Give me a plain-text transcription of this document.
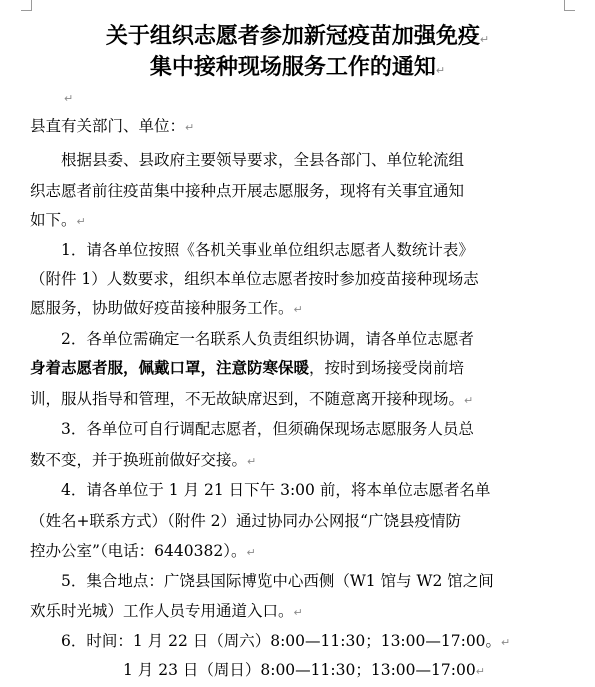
关于组织志愿者参加新冠疫苗加强免疫↵
集中接种现场服务工作的通知↵
↵
县直有关部门、单位：↵
　　根据县委、县政府主要领导要求，全县各部门、单位轮流组
织志愿者前往疫苗集中接种点开展志愿服务，现将有关事宜通知
如下。↵
　　1．请各单位按照《各机关事业单位组织志愿者人数统计表》
（附件 1）人数要求，组织本单位志愿者按时参加疫苗接种现场志
愿服务，协助做好疫苗接种服务工作。↵
　　2．各单位需确定一名联系人负责组织协调，请各单位志愿者
身着志愿者服，佩戴口罩，注意防寒保暖，按时到场接受岗前培
训，服从指导和管理，不无故缺席迟到，不随意离开接种现场。↵
　　3．各单位可自行调配志愿者，但须确保现场志愿服务人员总
数不变，并于换班前做好交接。↵
　　4．请各单位于 1 月 21 日下午 3:00 前，将本单位志愿者名单
（姓名+联系方式）（附件 2）通过协同办公网报“广饶县疫情防
控办公室”（电话：6440382）。↵
　　5．集合地点：广饶县国际博览中心西侧（W1 馆与 W2 馆之间
欢乐时光城）工作人员专用通道入口。↵
　　6．时间：1 月 22 日（周六）8:00—11:30；13:00—17:00。↵
　　　　　　1 月 23 日（周日）8:00—11:30；13:00—17:00↵
